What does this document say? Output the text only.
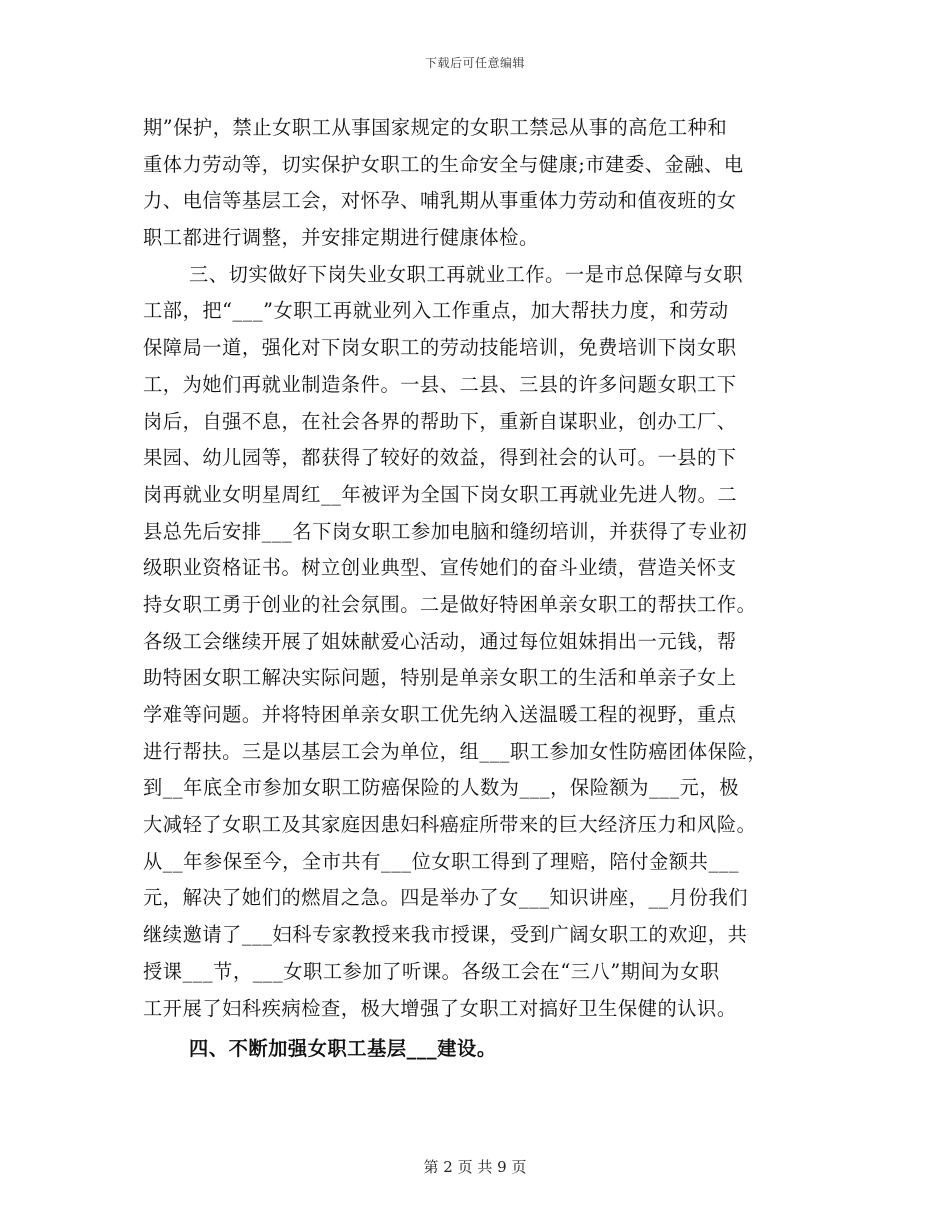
下载后可任意编辑
期”保护，禁止女职工从事国家规定的女职工禁忌从事的高危工种和
重体力劳动等，切实保护女职工的生命安全与健康;市建委、金融、电
力、电信等基层工会，对怀孕、哺乳期从事重体力劳动和值夜班的女
职工都进行调整，并安排定期进行健康体检。
三、切实做好下岗失业女职工再就业工作。一是市总保障与女职
工部，把“___”女职工再就业列入工作重点，加大帮扶力度，和劳动
保障局一道，强化对下岗女职工的劳动技能培训，免费培训下岗女职
工，为她们再就业制造条件。一县、二县、三县的许多问题女职工下
岗后，自强不息，在社会各界的帮助下，重新自谋职业，创办工厂、
果园、幼儿园等，都获得了较好的效益，得到社会的认可。一县的下
岗再就业女明星周红__年被评为全国下岗女职工再就业先进人物。二
县总先后安排___名下岗女职工参加电脑和缝纫培训，并获得了专业初
级职业资格证书。树立创业典型、宣传她们的奋斗业绩，营造关怀支
持女职工勇于创业的社会氛围。二是做好特困单亲女职工的帮扶工作。
各级工会继续开展了姐妹献爱心活动，通过每位姐妹捐出一元钱，帮
助特困女职工解决实际问题，特别是单亲女职工的生活和单亲子女上
学难等问题。并将特困单亲女职工优先纳入送温暖工程的视野，重点
进行帮扶。三是以基层工会为单位，组___职工参加女性防癌团体保险，
到__年底全市参加女职工防癌保险的人数为___，保险额为___元，极
大减轻了女职工及其家庭因患妇科癌症所带来的巨大经济压力和风险。
从__年参保至今，全市共有___位女职工得到了理赔，陪付金额共___
元，解决了她们的燃眉之急。四是举办了女___知识讲座，__月份我们
继续邀请了___妇科专家教授来我市授课，受到广阔女职工的欢迎，共
授课___节，___女职工参加了听课。各级工会在“三八”期间为女职
工开展了妇科疾病检查，极大增强了女职工对搞好卫生保健的认识。
四、不断加强女职工基层___建设。
第 2 页 共 9 页
